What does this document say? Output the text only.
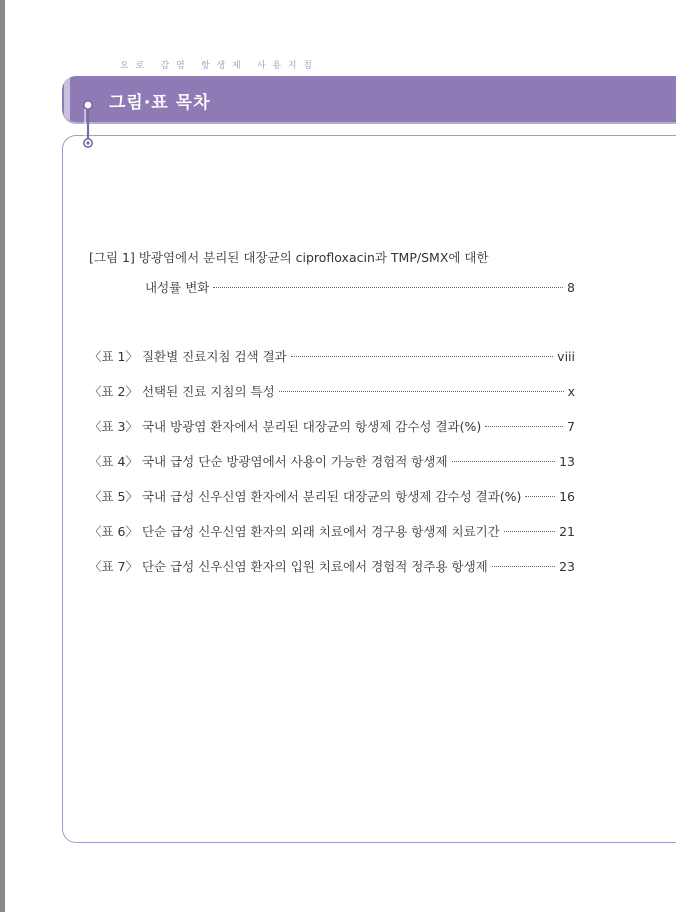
요로 감염 항생제 사용지침
그림·표 목차
[그림 1] 방광염에서 분리된 대장균의 ciprofloxacin과 TMP/SMX에 대한
내성률 변화	8
〈표 1〉 질환별 진료지침 검색 결과	viii
〈표 2〉 선택된 진료 지침의 특성	x
〈표 3〉 국내 방광염 환자에서 분리된 대장균의 항생제 감수성 결과(%)	7
〈표 4〉 국내 급성 단순 방광염에서 사용이 가능한 경험적 항생제	13
〈표 5〉 국내 급성 신우신염 환자에서 분리된 대장균의 항생제 감수성 결과(%)	16
〈표 6〉 단순 급성 신우신염 환자의 외래 치료에서 경구용 항생제 치료기간	21
〈표 7〉 단순 급성 신우신염 환자의 입원 치료에서 경험적 정주용 항생제	23
